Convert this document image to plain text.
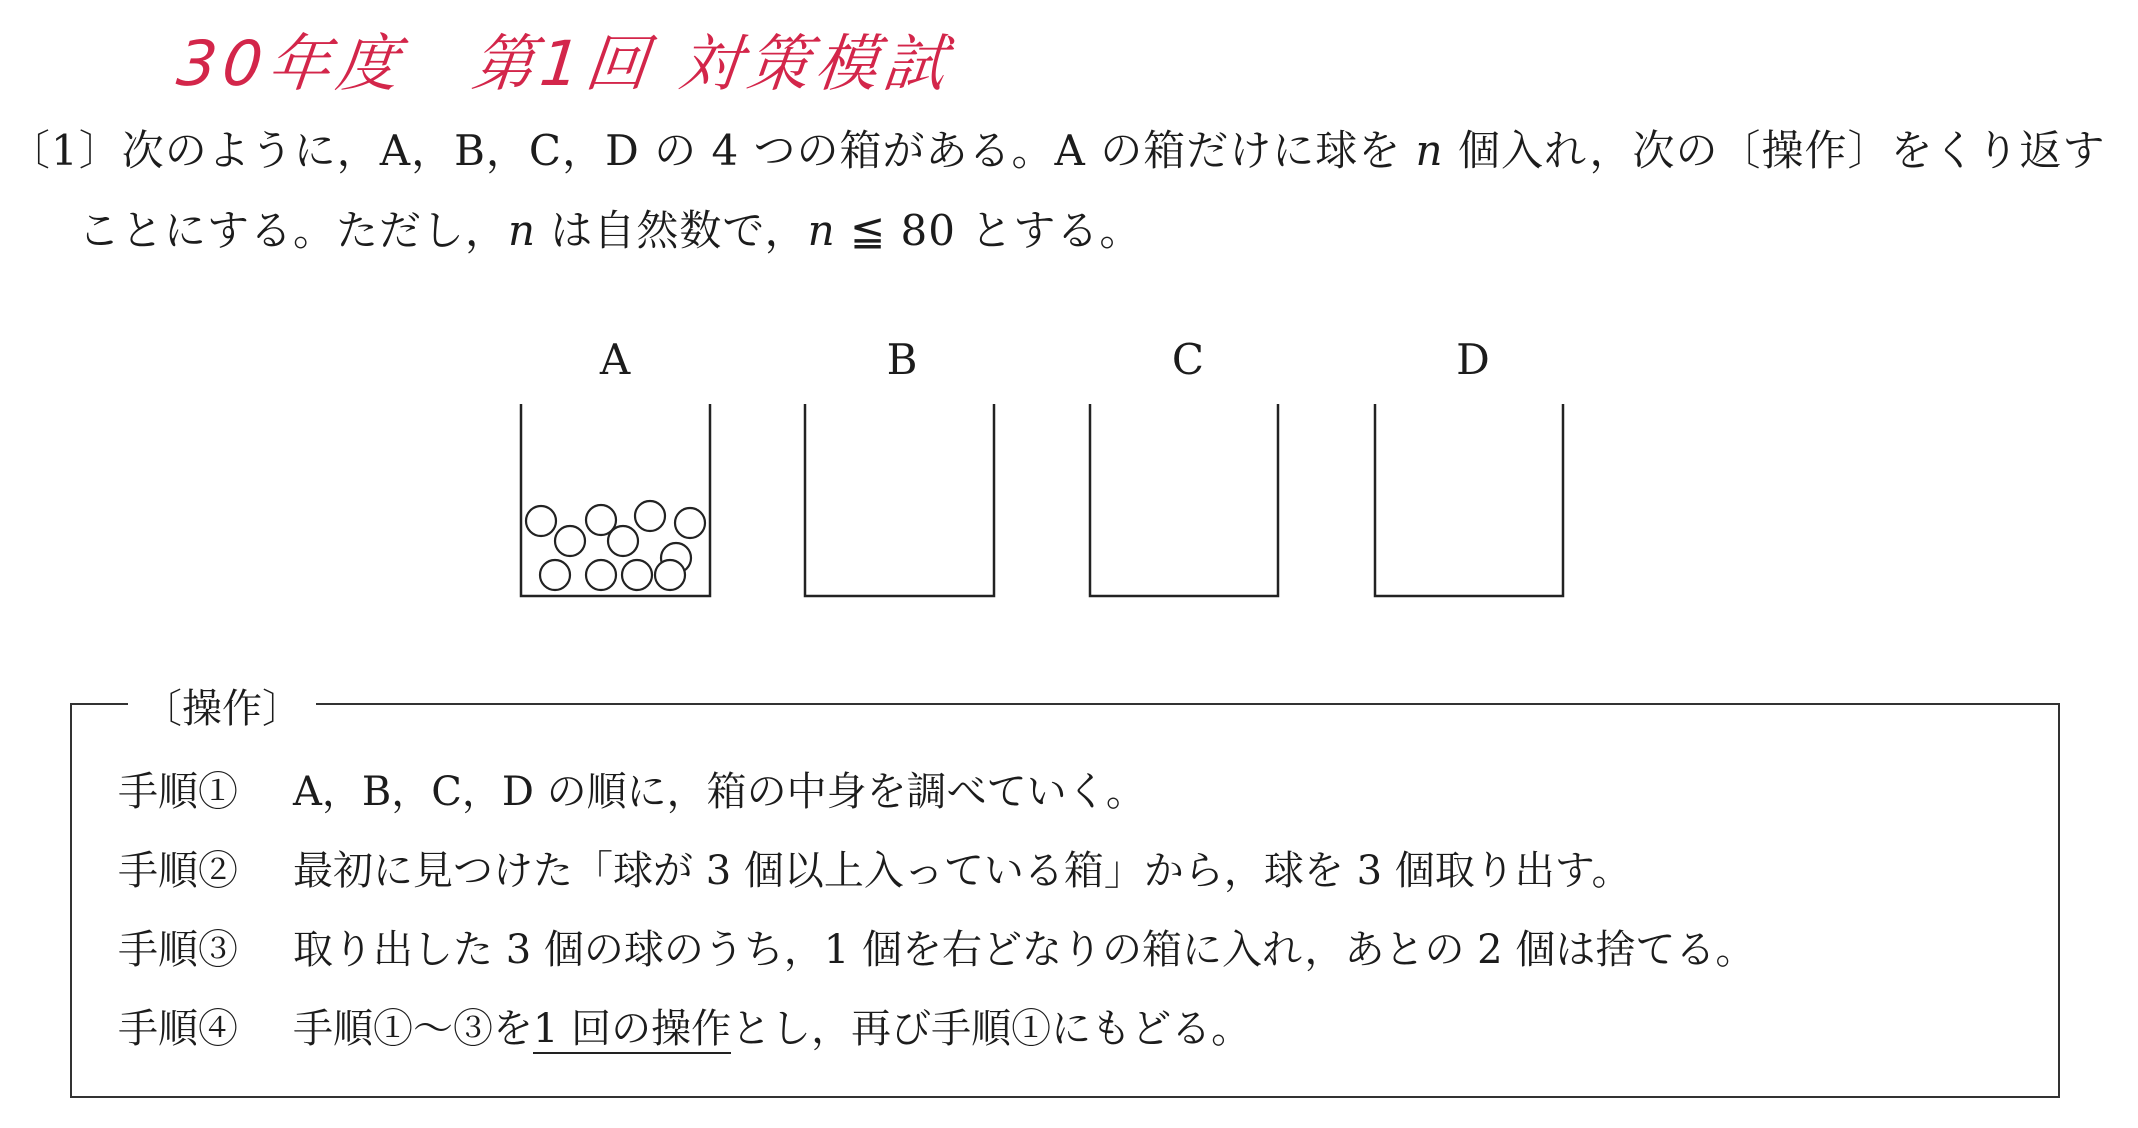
30年度　第1回 対策模試
〔1〕次のように，A，B，C，D の 4 つの箱がある。A の箱だけに球を n 個入れ，次の〔操作〕をくり返す
ことにする。ただし，n は自然数で，n ≦ 80 とする。
A	B	C	D
〔操作〕
手順① A，B，C，D の順に，箱の中身を調べていく。
手順② 最初に見つけた「球が 3 個以上入っている箱」から，球を 3 個取り出す。
手順③ 取り出した 3 個の球のうち，1 個を右どなりの箱に入れ，あとの 2 個は捨てる。
手順④ 手順①～③を1 回の操作とし，再び手順①にもどる。
